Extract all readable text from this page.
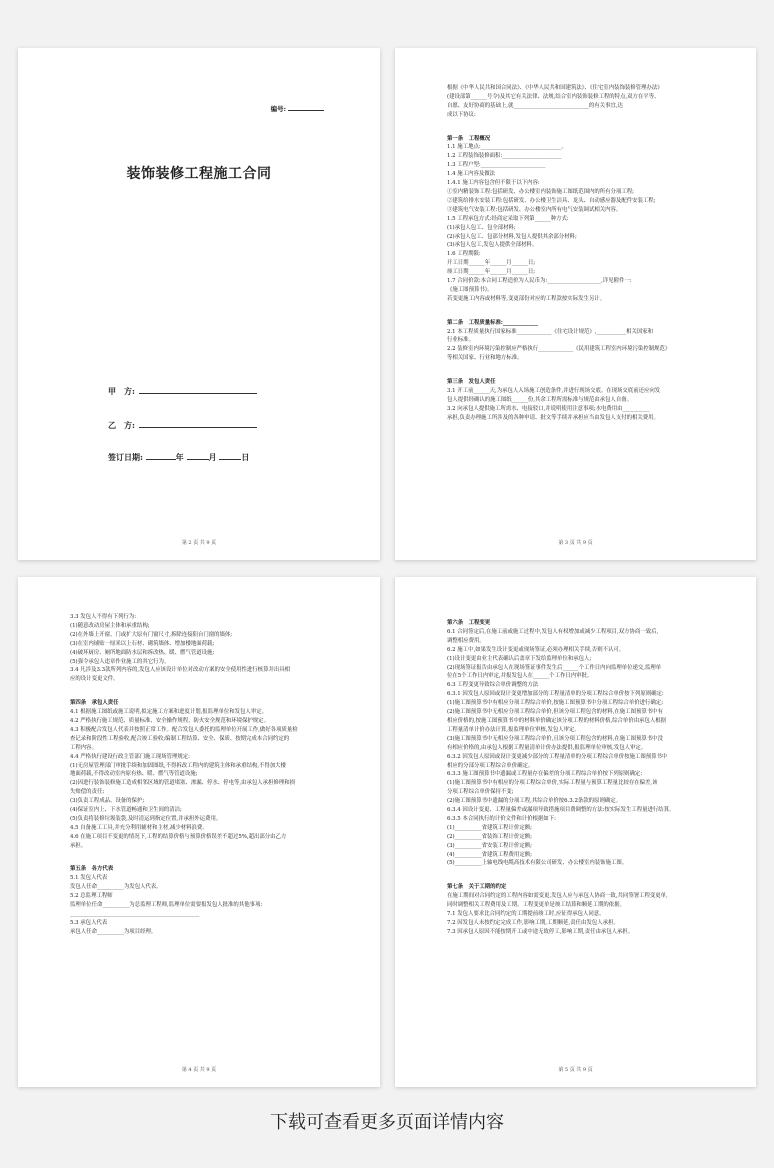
编号:
装饰装修工程施工合同
甲　方:
乙　方:
签订日期:	年	月	日
第 2 页 共 9 页

根据《中华人民共和国合同法》、《中华人民共和国建筑法》、《住宅室内装饰装修管理办法》

(建设部第______号令)及其它有关法律、法规,结合室内装饰装修工程的特点,双方在平等、

自愿、友好协商的基础上,就____________________________的有关事宜,达

成以下协议:

第一条　工程概况

1.1 施工地点:______________________________。

1.2 工程装饰装修面积:______________________

1.3 工程户型:________________________

1.4 施工内容及做法

1.4.1 施工内容包含但不限于以下内容:

①室内精装饰工程:包括研发、办公楼室内装饰施工图纸范围内的所有分项工程;

②建筑给排水安装工程:包括研发、办公楼卫生洁具、龙头、自动感应器及配件安装工程;

③建筑电气安装工程:包括研发、办公楼室内所有电气安装调试相关内容。

1.5 工程承包方式:经商定采取下列第______种方式:

(1)承包人包工、包全部材料;

(2)承包人包工、包部分材料,发包人提供其余部分材料;

(3)承包人包工,发包人提供全部材料。

1.6 工程期限:

开工日期______年______月______日;

竣工日期______年______月______日;

1.7 合同价款:本合同工程造价为人民币为:____________________,详见附件一:

《施工图预算书》。

若变更施工内容或材料等,变更部份对应的工程款按实际发生另计。

第二条　工程质量标准:_____________

2.1 本工程质量执行国家标准_____________《住宅设计规范》,___________相关国家和

行业标准。

2.2 装修室内环境污染控制应严格执行_____________《民用建筑工程室内环境污染控制规范》

等相关国家、行业和地方标准。

第三条　发包人责任

3.1 开工前______天,为承包人入场施工创造条件,并进行现场交底。在现场交底前还应向发

包人提供经确认的施工图纸______份,其余工程所需标准与规范由承包人自备。

3.2 向承包人提供施工所需水、电接驳口,并说明使用注意事项;水电费用由__________

承担,负责办理施工所涉及的各种申请、批文等手续并承担应当由发包人支付的相关费用。

第 3 页 共 9 页

3.3 发包人不得有下列行为:

(1)随意改动房屋主体和承重结构;

(2)在外墙上开窗、门或扩大原有门窗尺寸,拆除连接阳台门窗的墙体;

(3)在室内铺贴一厘米以上石材、砌筑墙体、增加楼地面荷载;

(4)破坏厨房、厕所地面防水层和拆改热、暖、燃气管道设施;

(5)强令承包人违章作业施工的其它行为。

3.4 凡涉及3.3款所列内容的,发包人应该设计单位对改动方案的安全使用性进行核算并出具相

应的设计变更文件。

第四条　承包人责任

4.1 根据施工图纸或施工说明,拟定施工方案和进度计划,报监理单位和发包人审定。

4.2 严格执行施工规范、质量标准、安全操作规程、防火安全规范和环境保护规定。

4.3 积极配合发包人代表并按照正常工作。配合发包人委托的监理单位开展工作,做好各项质量检

查记录和阶段性工程验收,配合竣工验收;编制工程结算、安全、保质、按期完成本合同约定的

工程内容。

4.4 严格执行建设行政主管部门施工现场管理规定:

(1)无房屋管理部门审批手续和加固图纸,不得拆改工程内的建筑主体和承重结构,不得加大楼

地面荷载,不得改动室内原有热、暖、燃气等管道设施;

(2)因进行装饰装修施工造成相邻区域的管道堵塞、渗漏、停水、停电等,由承包人承担修理和损

失赔偿的责任;

(3)负责工程成品、设备的保护;

(4)保证室内上、下水管道畅通和卫生间的清洁;

(5)负责将装修垃圾装袋,及时清运到指定位置,并承担外运费用。

4.5 自备施工工具,并充分利用辅材和主材,减少材料浪费。

4.6 在施工项目不变更的情况下,工程的结算价格与预算价格误差不超过5%,超出部分由乙方

承担。

第五条　各方代表

5.1 发包人代表

发包人任命__________为发包人代表。

5.2 总监理工程师

监理单位任命__________为总监理工程师,监理单位需要报发包人批准的其他事项:

________________________________________________

5.3 承包人代表

承包人任命__________为项目经理。

第 4 页 共 9 页

第六条　工程变更

6.1 合同签定后,在施工前或施工过程中,发包人有权增加或减少工程项目,双方协商一致后,

调整相应费用。

6.2 施工中,如果发生设计变更或现场签证,必须办理相关手续,否则不认可。

(1)设计变更由业主代表确认后盖章下发给监理单位和承包人;

(2)现场签证报告由承包人在现场签证事件发生后______个工作日内向监理单位递交,监理单

位在5个工作日内审定,并报发包人在______个工作日内审批。

6.3 工程变更导致综合单价调整的方法

6.3.1 因发包人原因或设计变更增加部分的工程量清单的分项工程综合单价按下列原则确定:

(1)施工图预算书中有相应分项工程综合单价,按施工图预算书中分项工程综合单价进行确定;

(2)施工图预算书中无相应分项工程综合单价,但该分项工程包含的材料,在施工图预算书中有

相应价格的,按施工图预算书中的材料单价确定该分项工程的材料价格,综合单价由承包人根据

工程量清单计价办法计算,报监理单位审核,发包人审定。

(3)施工图预算书中无相应分项工程综合单价,且该分项工程包含的材料,在施工图预算书中没

有相应价格的,由承包人根据工程量清单计价办法提供,报监理单位审核,发包人审定。

6.3.2 因发包人原因或设计变更减少部分的工程量清单的分项工程综合单价按施工图预算书中

相应的分部分项工程综合单价确定。

6.3.3 施工图预算书中遗漏或工程量存在偏差的分项工程综合单价按下列原则确定:

(1)施工图预算书中有相应的分项工程综合单价,实际工程量与预算工程量比较存在偏差,该

分项工程综合单价保持不变;

(2)施工图预算书中遗漏的分项工程,其综合单价按6.3.2条款的原则确定。

6.3.4 因设计变更、工程量偏差或漏项导致措施项目费调整的方法:按实际发生工程量进行结算。

6.3.5 本合同执行的计价文件和计价根据如下:

(1)__________省建筑工程计价定额;

(2)__________省装饰工程计价定额;

(3)__________省安装工程计价定额;

(4)__________省建筑工程费用定额;

(5)__________上轴电线电缆高技术有限公司研发、办公楼室内装饰施工图。

第七条　关于工期的约定

在施工期间对合同约定的工程内容如需变更,发包人应与承包人协商一致,共同签署工程变更单,

同时调整相关工程费用及工期。工程变更单是竣工结算和顺延工期的依据。

7.1 发包人要求比合同约定的工期提前竣工时,应征得承包人同意。

7.2 因发包人未按约定完成工作,影响工期,工期顺延,责任由发包人承担。

7.3 因承包人原因不能按期开工或中途无故停工,影响工期,责任由承包人承担。

第 5 页 共 9 页
下载可查看更多页面详情内容
